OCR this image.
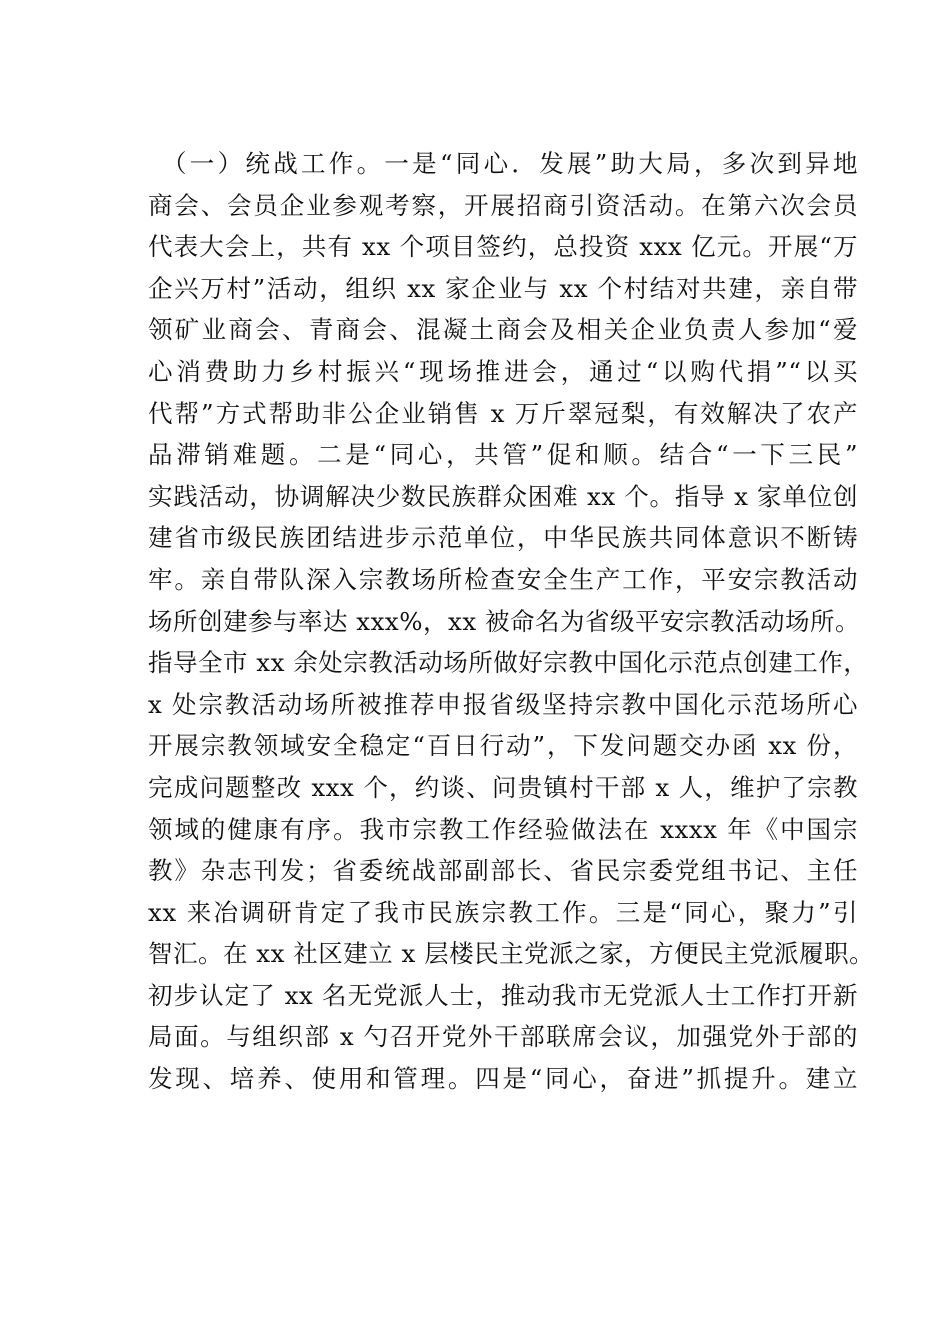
（一）统战工作。一是“同心．发展”助大局，多次到异地
商会、会员企业参观考察，开展招商引资活动。在第六次会员
代表大会上，共有 xx 个项目签约，总投资 xxx 亿元。开展“万
企兴万村”活动，组织 xx 家企业与 xx 个村结对共建，亲自带
领矿业商会、青商会、混凝土商会及相关企业负责人参加“爱
心消费助力乡村振兴“现场推进会，通过“以购代捐”“以买
代帮”方式帮助非公企业销售 x 万斤翠冠梨，有效解决了农产
品滞销难题。二是“同心，共管”促和顺。结合“一下三民”
实践活动，协调解决少数民族群众困难 xx 个。指导 x 家单位创
建省市级民族团结进步示范单位，中华民族共同体意识不断铸
牢。亲自带队深入宗教场所检查安全生产工作，平安宗教活动
场所创建参与率达 xxx%，xx 被命名为省级平安宗教活动场所。
指导全市 xx 余处宗教活动场所做好宗教中国化示范点创建工作，
x 处宗教活动场所被推荐申报省级坚持宗教中国化示范场所心
开展宗教领域安全稳定“百日行动”，下发问题交办函 xx 份，
完成问题整改 xxx 个，约谈、问贵镇村干部 x 人，维护了宗教
领域的健康有序。我市宗教工作经验做法在 xxxx 年《中国宗
教》杂志刊发；省委统战部副部长、省民宗委党组书记、主任
xx 来冶调研肯定了我市民族宗教工作。三是“同心，聚力”引
智汇。在 xx 社区建立 x 层楼民主党派之家，方便民主党派履职。
初步认定了 xx 名无党派人士，推动我市无党派人士工作打开新
局面。与组织部 x 勺召开党外干部联席会议，加强党外于部的
发现、培养、使用和管理。四是“同心，奋进”抓提升。建立
